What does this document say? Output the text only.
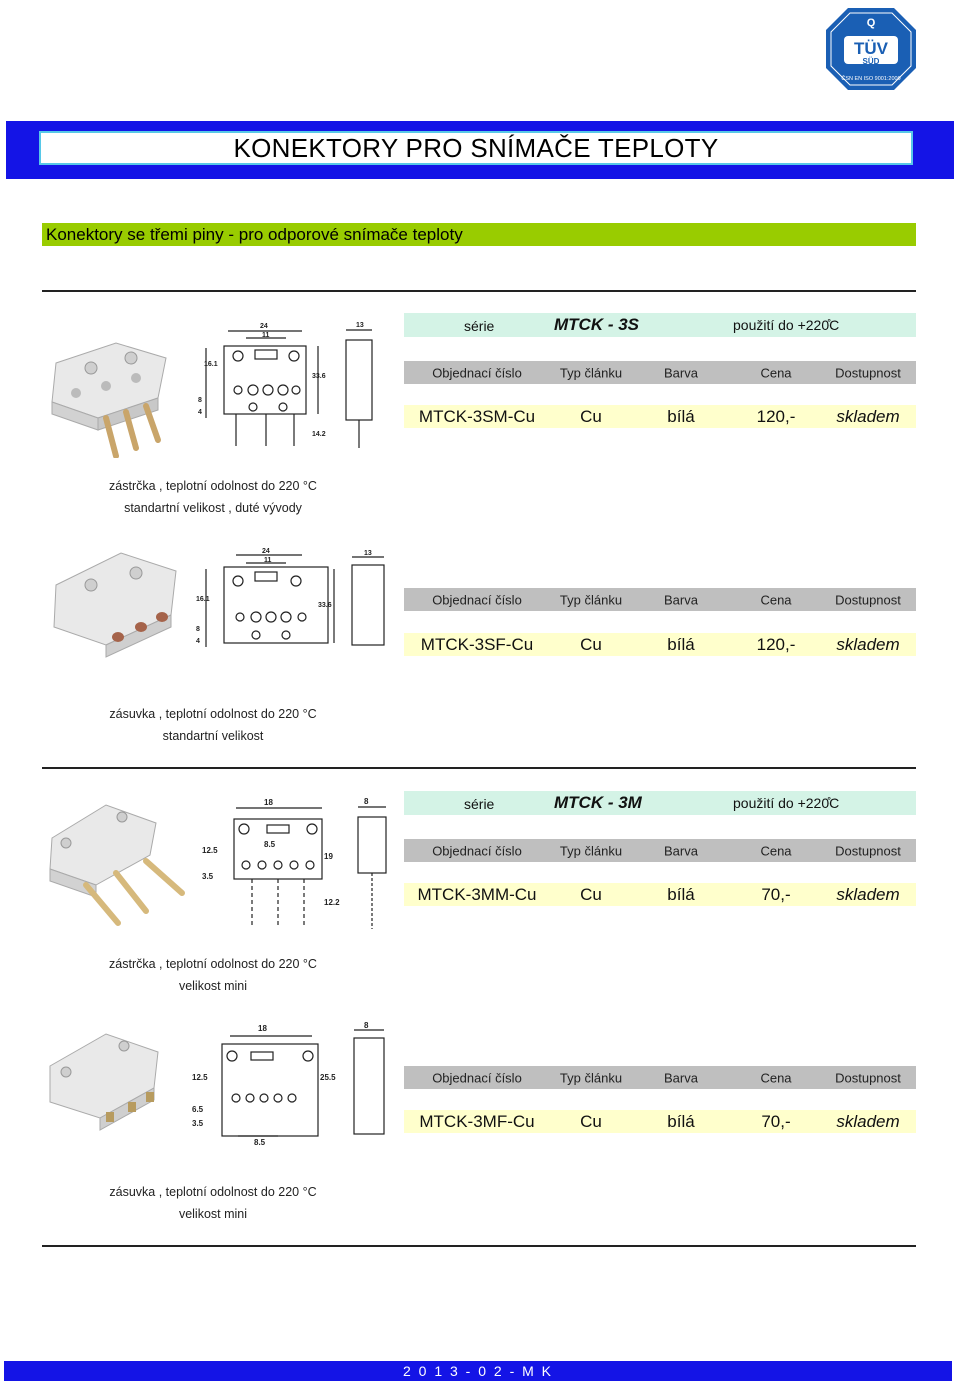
TÜV
SÜD
Q
ČSN EN ISO 9001:2009
KONEKTORY PRO SNÍMAČE TEPLOTY
Konektory se třemi piny - pro odporové snímače teploty
série	MTCK - 3S	použití do +220̊C
Objednací číslo	Typ článku	Barva	Cena	Dostupnost
MTCK-3SM-Cu	Cu	bílá	120,- skladem
zástrčka , teplotní odolnost do 220 °C
standartní velikost , duté vývody
Objednací číslo	Typ článku	Barva	Cena	Dostupnost
MTCK-3SF-Cu	Cu	bílá	120,- skladem
zásuvka , teplotní odolnost do 220 °C
standartní velikost
série	MTCK - 3M	použití do +220̊C
Objednací číslo	Typ článku	Barva	Cena	Dostupnost
MTCK-3MM-Cu	Cu	bílá	70,-	skladem
zástrčka , teplotní odolnost do 220 °C
velikost mini
Objednací číslo	Typ článku	Barva	Cena	Dostupnost
MTCK-3MF-Cu	Cu	bílá	70,-	skladem
zásuvka , teplotní odolnost do 220 °C
velikost mini
24
11
13
16.1
33.6
4
8
14.2
24
11
13
16.1
33.6
4
8
18	8
12.5
19
3.5
8.5
12.2
18	8
12.5	25.5
3.5
6.5
8.5
2 0 1 3 - 0 2 - M K
